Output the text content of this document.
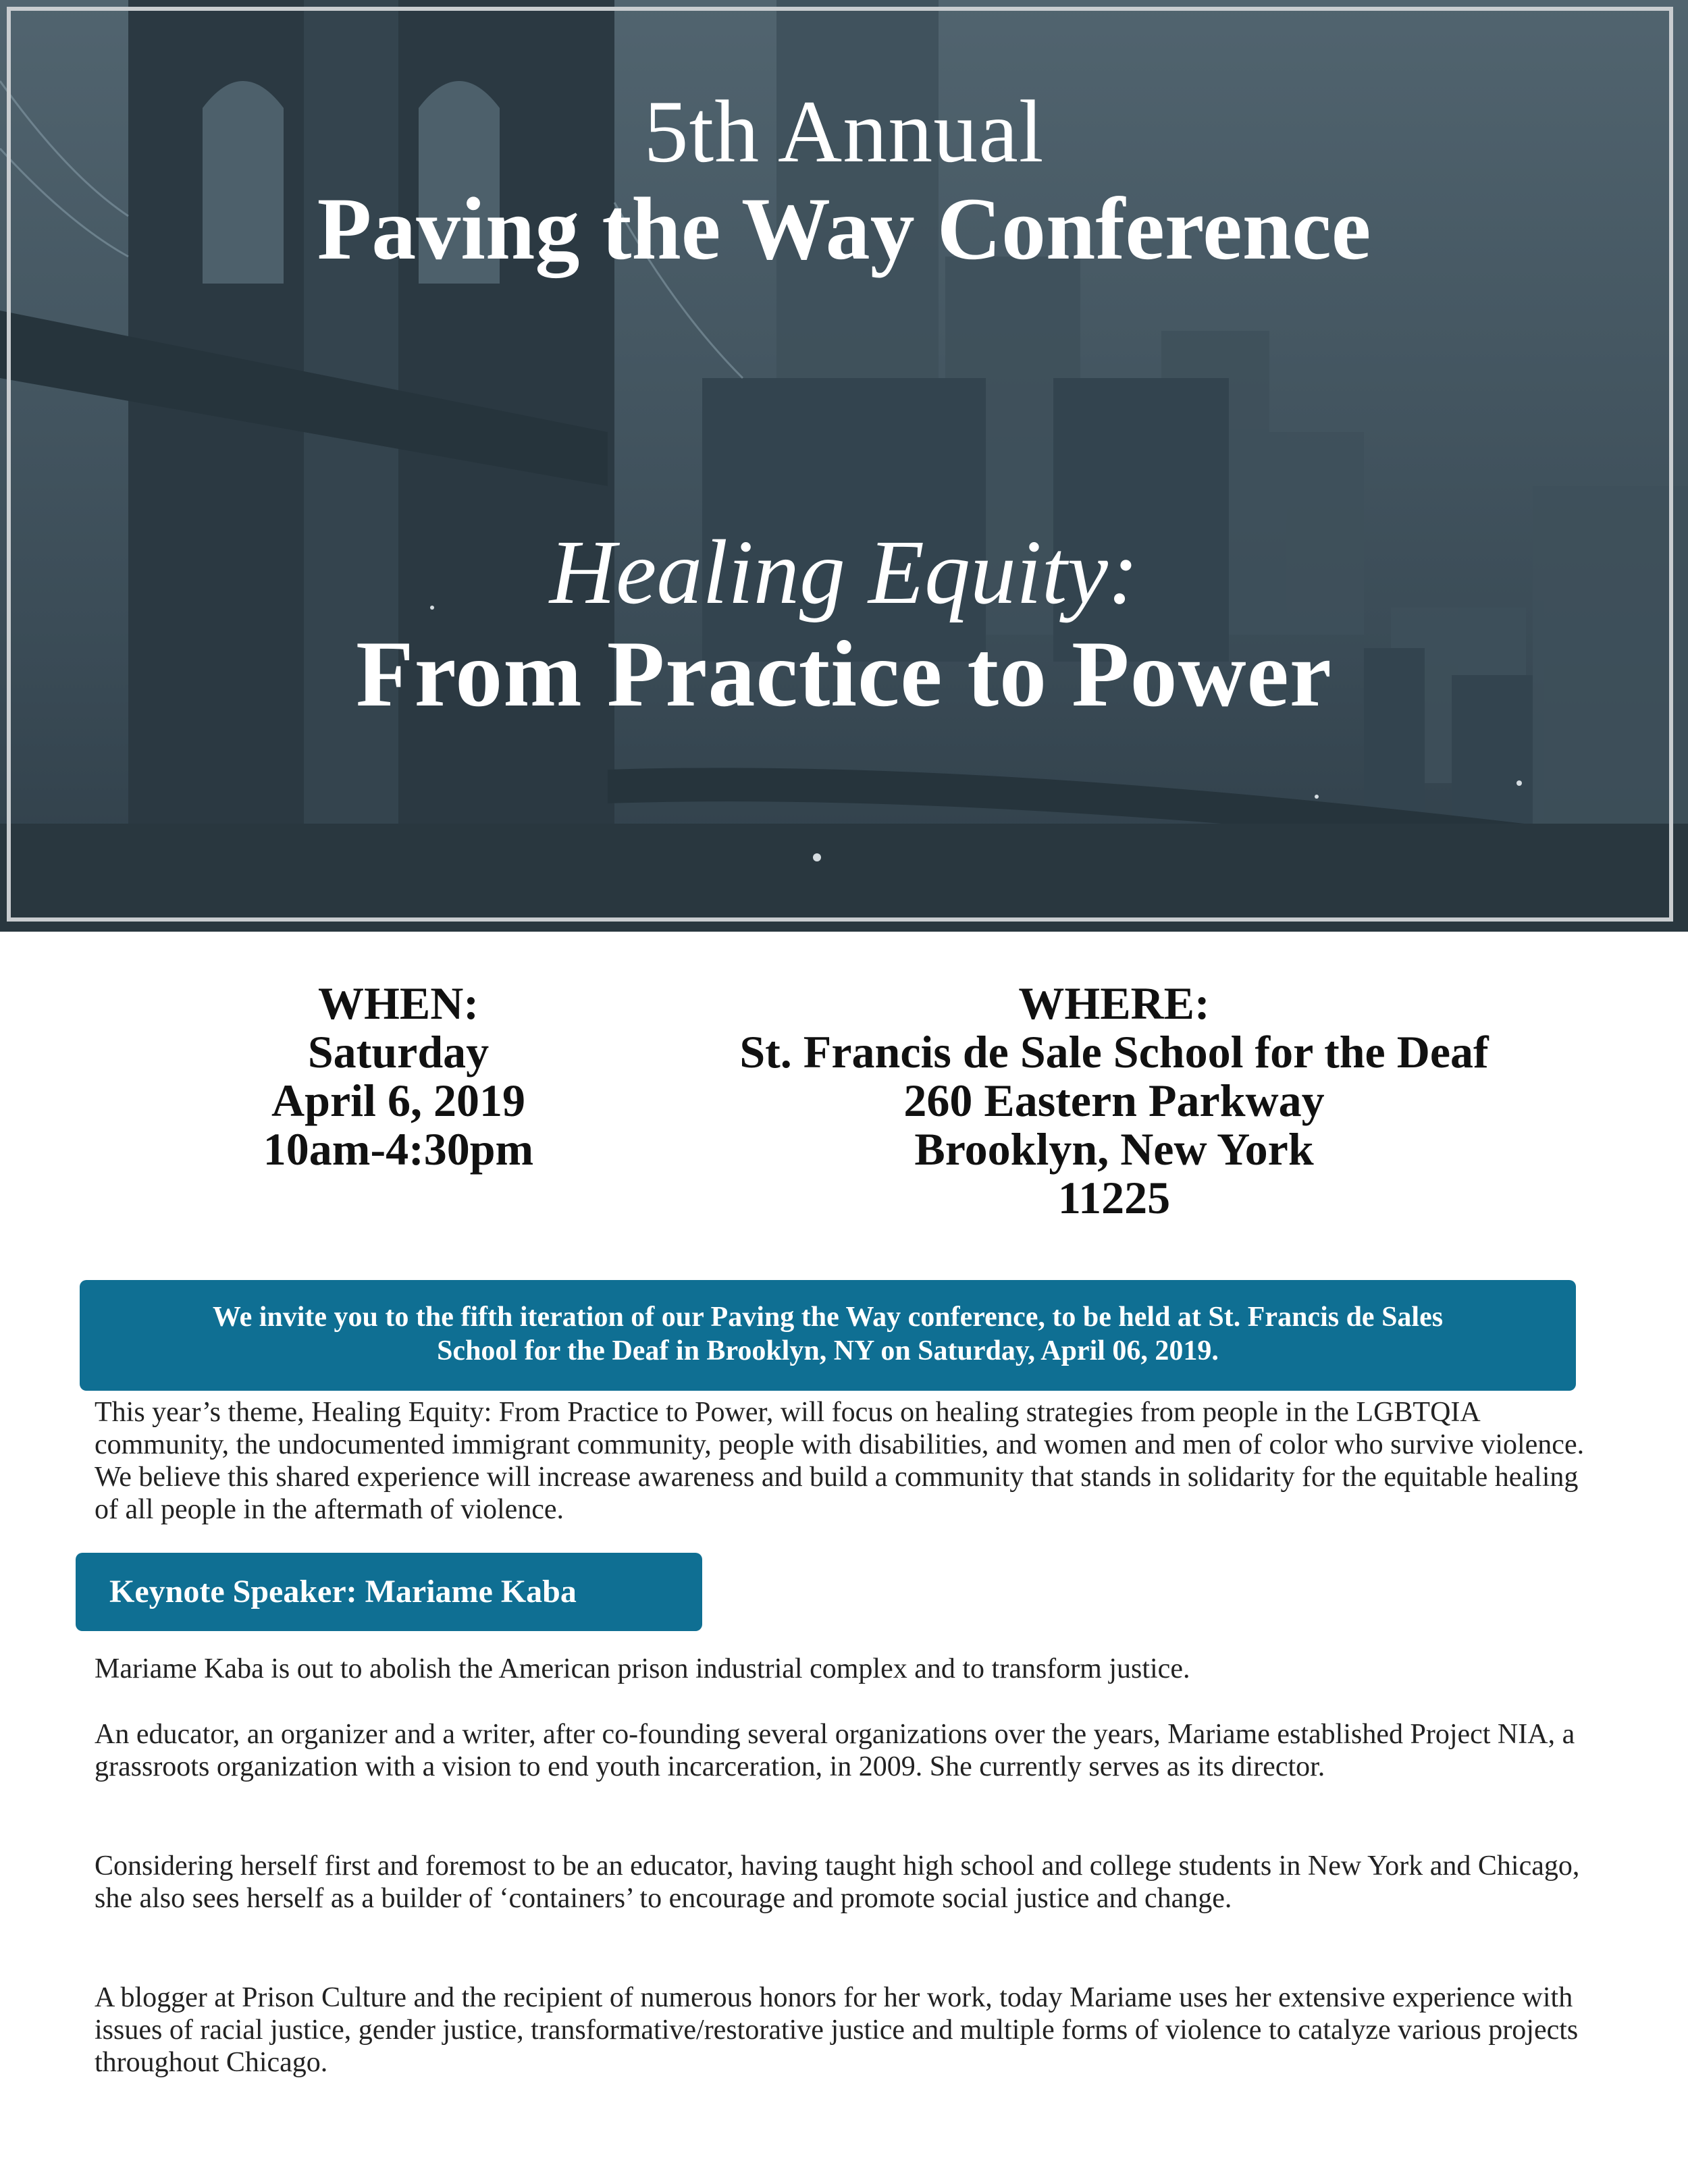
5th Annual
Paving the Way Conference
Healing Equity:
From Practice to Power
WHEN:
Saturday
April 6, 2019
10am-4:30pm
WHERE:
St. Francis de Sale School for the Deaf
260 Eastern Parkway
Brooklyn, New York
11225
We invite you to the fifth iteration of our Paving the Way conference, to be held at St. Francis de Sales
School for the Deaf in Brooklyn, NY on Saturday, April 06, 2019.
This year’s theme, Healing Equity: From Practice to Power, will focus on healing strategies from people in the LGBTQIA community, the undocumented immigrant community, people with disabilities, and women and men of color who survive violence. We believe this shared experience will increase awareness and build a community that stands in solidarity for the equitable healing of all people in the aftermath of violence.
Keynote Speaker: Mariame Kaba
Mariame Kaba is out to abolish the American prison industrial complex and to transform justice.
An educator, an organizer and a writer, after co-founding several organizations over the years, Mariame established Project NIA, a grassroots organization with a vision to end youth incarceration, in 2009. She currently serves as its director.
Considering herself first and foremost to be an educator, having taught high school and college students in New York and Chicago, she also sees herself as a builder of ‘containers’ to encourage and promote social justice and change.
A blogger at Prison Culture and the recipient of numerous honors for her work, today Mariame uses her extensive experience with issues of racial justice, gender justice, transformative/restorative justice and multiple forms of violence to catalyze various projects throughout Chicago.
